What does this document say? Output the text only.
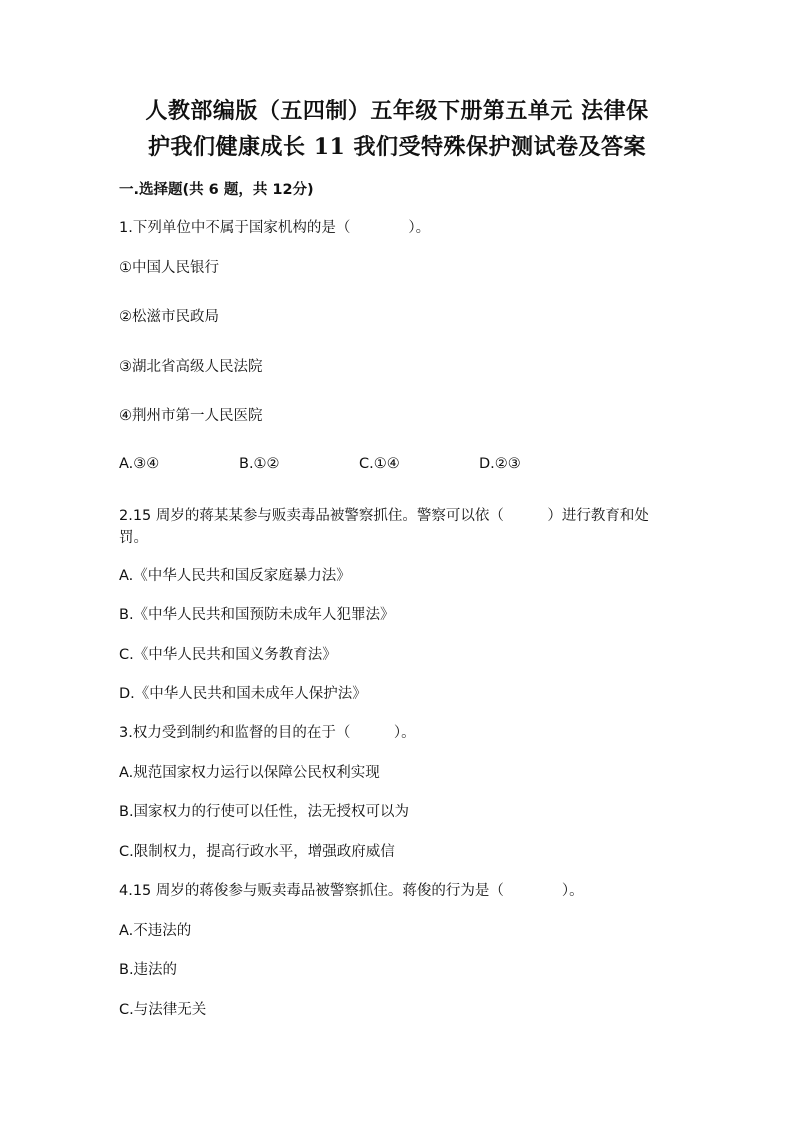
人教部编版（五四制）五年级下册第五单元 法律保
护我们健康成长 11 我们受特殊保护测试卷及答案
一.选择题(共 6 题，共 12分)
1.下列单位中不属于国家机构的是（　　　　）。
①中国人民银行
②松滋市民政局
③湖北省高级人民法院
④荆州市第一人民医院
A.③④	B.①②	C.①④	D.②③
2.15 周岁的蒋某某参与贩卖毒品被警察抓住。警察可以依（　　　）进行教育和处罚。
A.《中华人民共和国反家庭暴力法》
B.《中华人民共和国预防未成年人犯罪法》
C.《中华人民共和国义务教育法》
D.《中华人民共和国未成年人保护法》
3.权力受到制约和监督的目的在于（　　　）。
A.规范国家权力运行以保障公民权利实现
B.国家权力的行使可以任性，法无授权可以为
C.限制权力，提高行政水平，增强政府威信
4.15 周岁的蒋俊参与贩卖毒品被警察抓住。蒋俊的行为是（　　　　）。
A.不违法的
B.违法的
C.与法律无关
